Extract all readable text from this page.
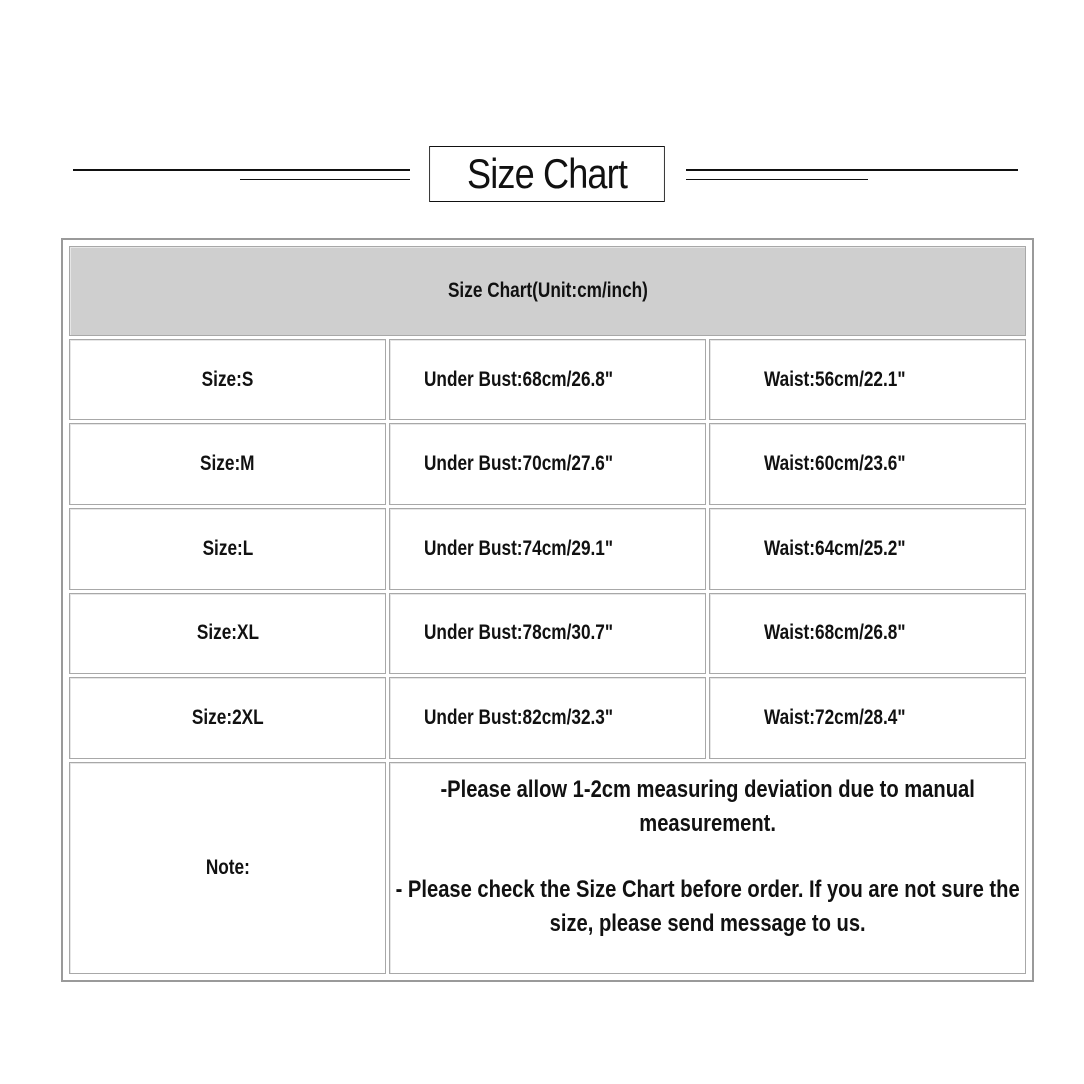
Size Chart
Size Chart(Unit:cm/inch)		
Size:S	Under Bust:68cm/26.8"	Waist:56cm/22.1"
Size:M	Under Bust:70cm/27.6"	Waist:60cm/23.6"
Size:L	Under Bust:74cm/29.1"	Waist:64cm/25.2"
Size:XL	Under Bust:78cm/30.7"	Waist:68cm/26.8"
Size:2XL	Under Bust:82cm/32.3"	Waist:72cm/28.4"
Note:	-Please allow 1-2cm measuring deviation due to manual measurement.
- Please check the Size Chart before order. If you are not sure the size, please send message to us.	
